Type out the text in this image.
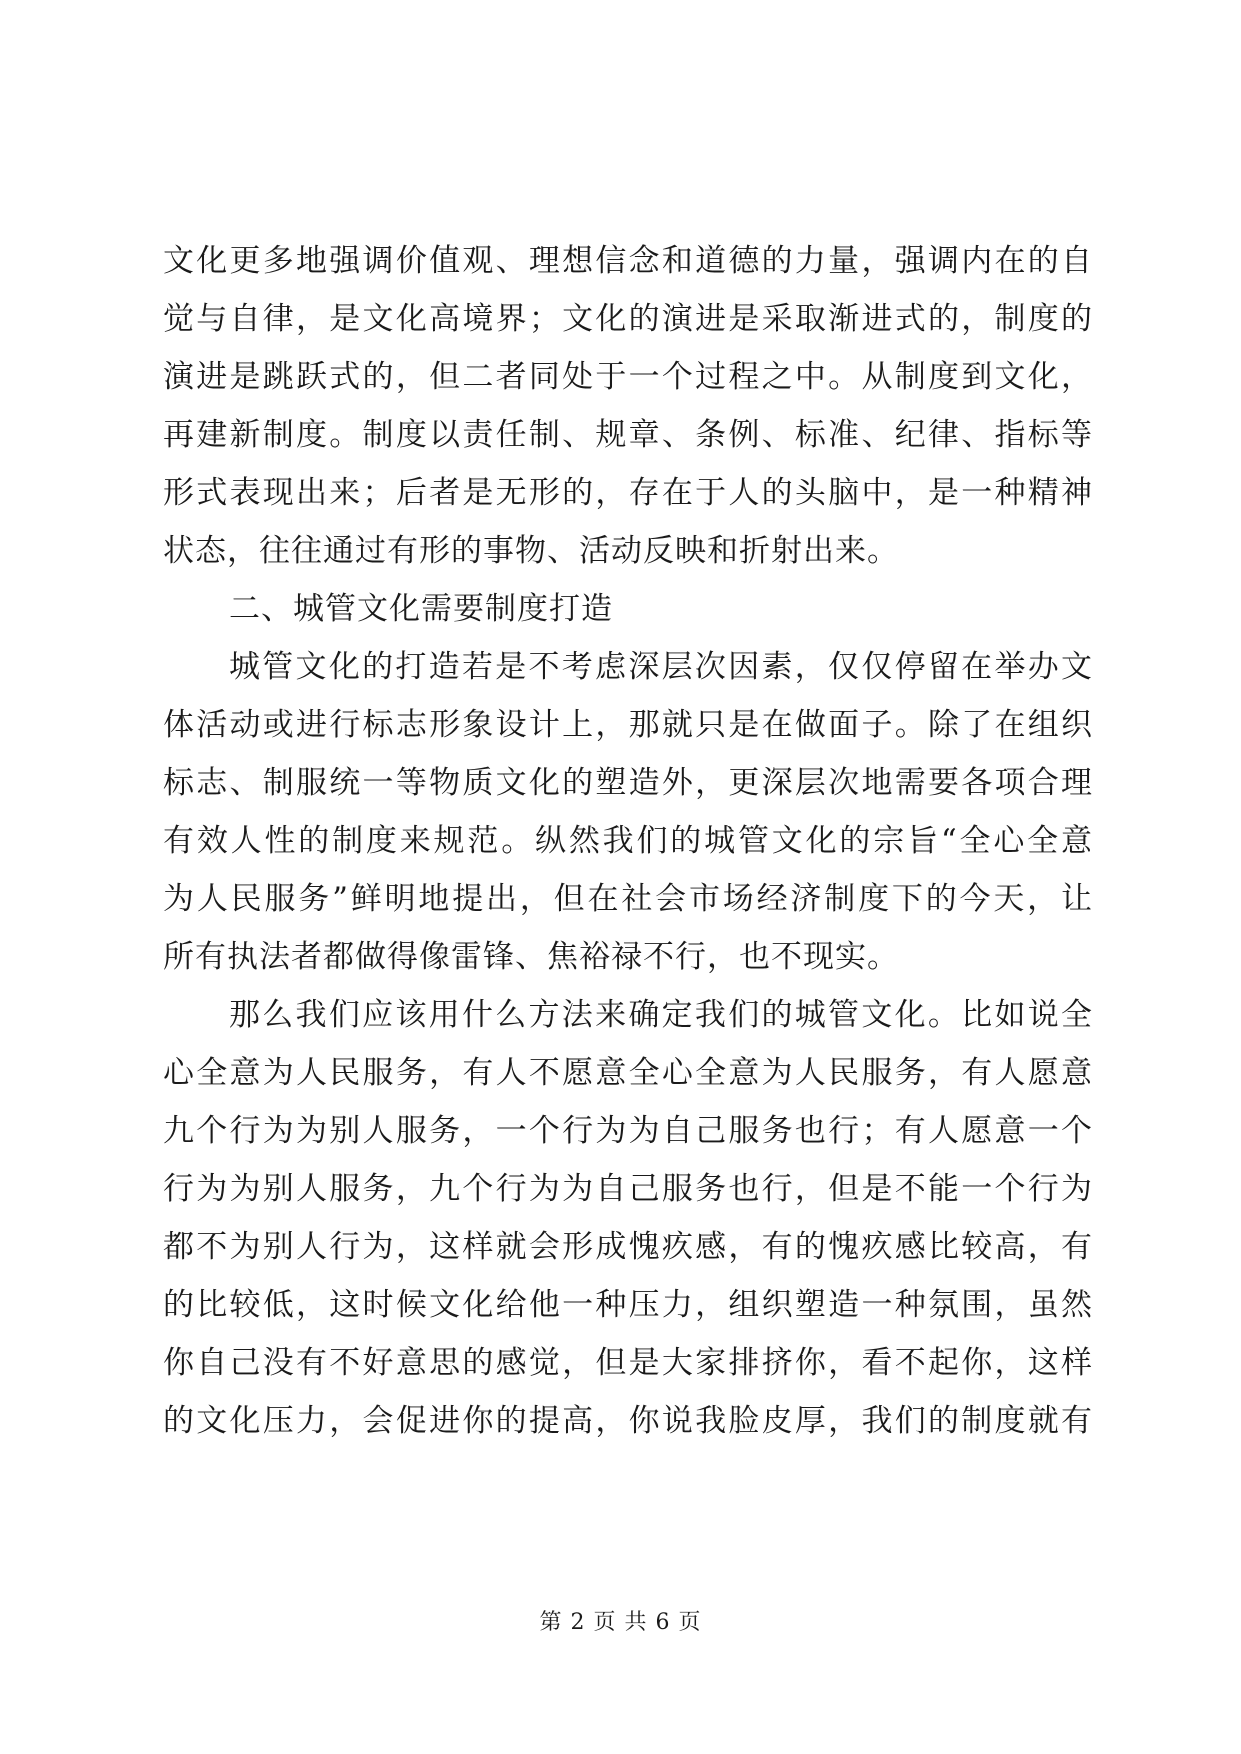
文化更多地强调价值观、理想信念和道德的力量，强调内在的自
觉与自律，是文化高境界；文化的演进是采取渐进式的，制度的
演进是跳跃式的，但二者同处于一个过程之中。从制度到文化，
再建新制度。制度以责任制、规章、条例、标准、纪律、指标等
形式表现出来；后者是无形的，存在于人的头脑中，是一种精神
状态，往往通过有形的事物、活动反映和折射出来。
二、城管文化需要制度打造
城管文化的打造若是不考虑深层次因素，仅仅停留在举办文
体活动或进行标志形象设计上，那就只是在做面子。除了在组织
标志、制服统一等物质文化的塑造外，更深层次地需要各项合理
有效人性的制度来规范。纵然我们的城管文化的宗旨“全心全意
为人民服务”鲜明地提出，但在社会市场经济制度下的今天，让
所有执法者都做得像雷锋、焦裕禄不行，也不现实。
那么我们应该用什么方法来确定我们的城管文化。比如说全
心全意为人民服务，有人不愿意全心全意为人民服务，有人愿意
九个行为为别人服务，一个行为为自己服务也行；有人愿意一个
行为为别人服务，九个行为为自己服务也行，但是不能一个行为
都不为别人行为，这样就会形成愧疚感，有的愧疚感比较高，有
的比较低，这时候文化给他一种压力，组织塑造一种氛围，虽然
你自己没有不好意思的感觉，但是大家排挤你，看不起你，这样
的文化压力，会促进你的提高，你说我脸皮厚，我们的制度就有
第 2 页 共 6 页
